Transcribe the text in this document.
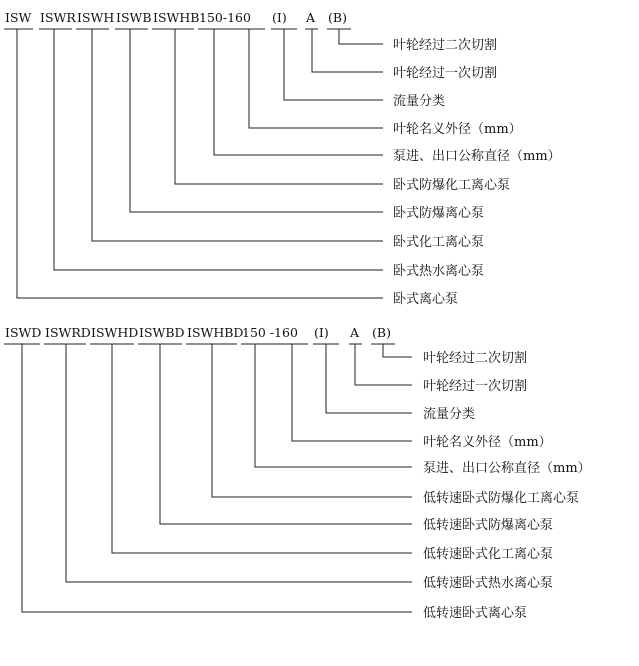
ISW ISWR ISWH ISWB ISWHB 150-160 (I) A (B)
叶轮经过二次切割
叶轮经过一次切割
流量分类
叶轮名义外径（mm）
泵进、出口公称直径（mm）
卧式防爆化工离心泵
卧式防爆离心泵
卧式化工离心泵
卧式热水离心泵
卧式离心泵
ISWD ISWRD ISWHD ISWBD ISWHBD
150 -160 (I) A (B)
叶轮经过二次切割
叶轮经过一次切割
流量分类
叶轮名义外径（mm）
泵进、出口公称直径（mm）
低转速卧式防爆化工离心泵
低转速卧式防爆离心泵
低转速卧式化工离心泵
低转速卧式热水离心泵
低转速卧式离心泵
